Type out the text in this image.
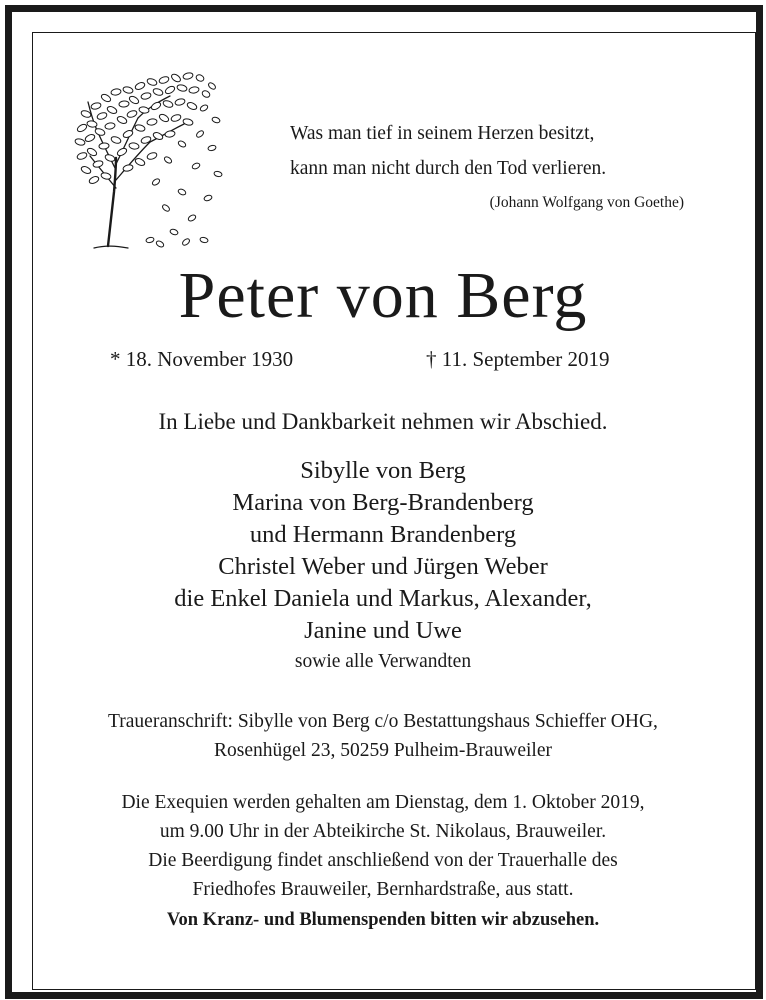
Was man tief in seinem Herzen besitzt,
kann man nicht durch den Tod verlieren.
(Johann Wolfgang von Goethe)
Peter von Berg
* 18. November 1930	† 11. September 2019
In Liebe und Dankbarkeit nehmen wir Abschied.
Sibylle von Berg
Marina von Berg-Brandenberg
und Hermann Brandenberg
Christel Weber und Jürgen Weber
die Enkel Daniela und Markus, Alexander,
Janine und Uwe
sowie alle Verwandten
Traueranschrift: Sibylle von Berg c/o Bestattungshaus Schieffer OHG,
Rosenhügel 23, 50259 Pulheim-Brauweiler
Die Exequien werden gehalten am Dienstag, dem 1. Oktober 2019,
um 9.00 Uhr in der Abteikirche St. Nikolaus, Brauweiler.
Die Beerdigung findet anschließend von der Trauerhalle des
Friedhofes Brauweiler, Bernhardstraße, aus statt.
Von Kranz- und Blumenspenden bitten wir abzusehen.
